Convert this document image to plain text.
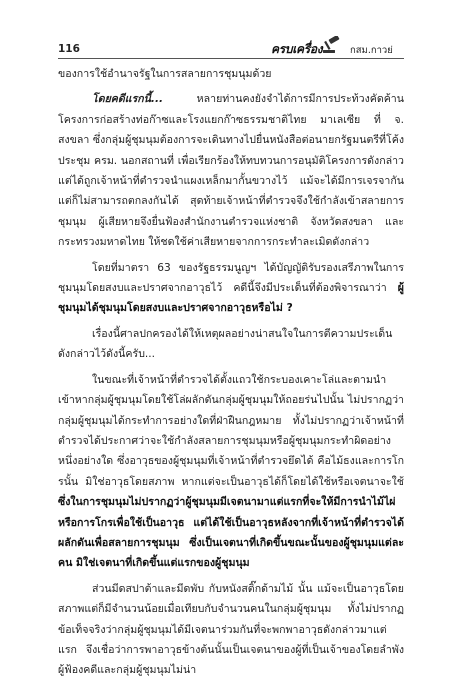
116	ครบเครื่อง	กสม.กาวย่

ของการใช้อำนาจรัฐในการสลายการชุมนุมด้วย

โดยคดีแรกนี้... หลายท่านคงยังจำได้การมีการประท้วงคัดค้านโครงการก่อสร้างท่อก๊าซและโรงแยกก๊าซธรรมชาติไทย มาเลเซีย ที่ จ. สงขลา ซึ่งกลุ่มผู้ชุมนุมต้องการจะเดินทางไปยื่นหนังสือต่อนายกรัฐมนตรีที่โค้งประชุม ครม. นอกสถานที่ เพื่อเรียกร้องให้ทบทวนการอนุมัติโครงการดังกล่าว แต่ได้ถูกเจ้าหน้าที่ตำรวจนำแผงเหล็กมากั้นขวางไว้ แม้จะได้มีการเจรจากันแต่ก็ไม่สามารถตกลงกันได้ สุดท้ายเจ้าหน้าที่ตำรวจจึงใช้กำลังเข้าสลายการชุมนุม ผู้เสียหายจึงยื่นฟ้องสำนักงานตำรวจแห่งชาติ จังหวัดสงขลา และกระทรวงมหาดไทย ให้ชดใช้ค่าเสียหายจากการกระทำละเมิดดังกล่าว

โดยที่มาตรา 63 ของรัฐธรรมนูญฯ ได้บัญญัติรับรองเสรีภาพในการชุมนุมโดยสงบและปราศจากอาวุธไว้ คดีนี้จึงมีประเด็นที่ต้องพิจารณาว่า ผู้ชุมนุมได้ชุมนุมโดยสงบและปราศจากอาวุธหรือไม่ ?

เรื่องนี้ศาลปกครองได้ให้เหตุผลอย่างน่าสนใจในการตีความประเด็นดังกล่าวไว้ดังนี้ครับ...

ในขณะที่เจ้าหน้าที่ตำรวจได้ตั้งแถวใช้กระบองเคาะโล่และตามนำเข้าหากลุ่มผู้ชุมนุมโดยใช้โล่ผลักดันกลุ่มผู้ชุมนุมให้ถอยร่นไปนั้น ไม่ปรากฏว่ากลุ่มผู้ชุมนุมได้กระทำการอย่างใดที่ฝ่าฝืนกฎหมาย ทั้งไม่ปรากฏว่าเจ้าหน้าที่ตำรวจได้ประกาศว่าจะใช้กำลังสลายการชุมนุมหรือผู้ชุมนุมกระทำผิดอย่างหนึ่งอย่างใด ซึ่งอาวุธของผู้ชุมนุมที่เจ้าหน้าที่ตำรวจยึดได้ คือไม้ธงและการโกรนั้น มิใช่อาวุธโดยสภาพ หากแต่จะเป็นอาวุธได้ก็โดยได้ใช้หรือเจตนาจะใช้ ซึ่งในการชุมนุมไม่ปรากฏว่าผู้ชุมนุมมีเจตนามาแต่แรกที่จะให้มีการนำไม้ไผ่หรือการโกรเพื่อใช้เป็นอาวุธ แต่ได้ใช้เป็นอาวุธหลังจากที่เจ้าหน้าที่ตำรวจได้ผลักดันเพื่อสลายการชุมนุม ซึ่งเป็นเจตนาที่เกิดขึ้นขณะนั้นของผู้ชุมนุมแต่ละคน มิใช่เจตนาที่เกิดขึ้นแต่แรกของผู้ชุมนุม

ส่วนมีดสปาต้าและมีดพับ กับหนังสติ๊กด้ามไม้ นั้น แม้จะเป็นอาวุธโดยสภาพแต่ก็มีจำนวนน้อยเมื่อเทียบกับจำนวนคนในกลุ่มผู้ชุมนุม ทั้งไม่ปรากฏข้อเท็จจริงว่ากลุ่มผู้ชุมนุมได้มีเจตนาร่วมกันที่จะพกพาอาวุธดังกล่าวมาแต่แรก จึงเชื่อว่าการพาอาวุธข้างต้นนั้นเป็นเจตนาของผู้ที่เป็นเจ้าของโดยลำพัง ผู้ฟ้องคดีและกลุ่มผู้ชุมนุมไม่น่า
